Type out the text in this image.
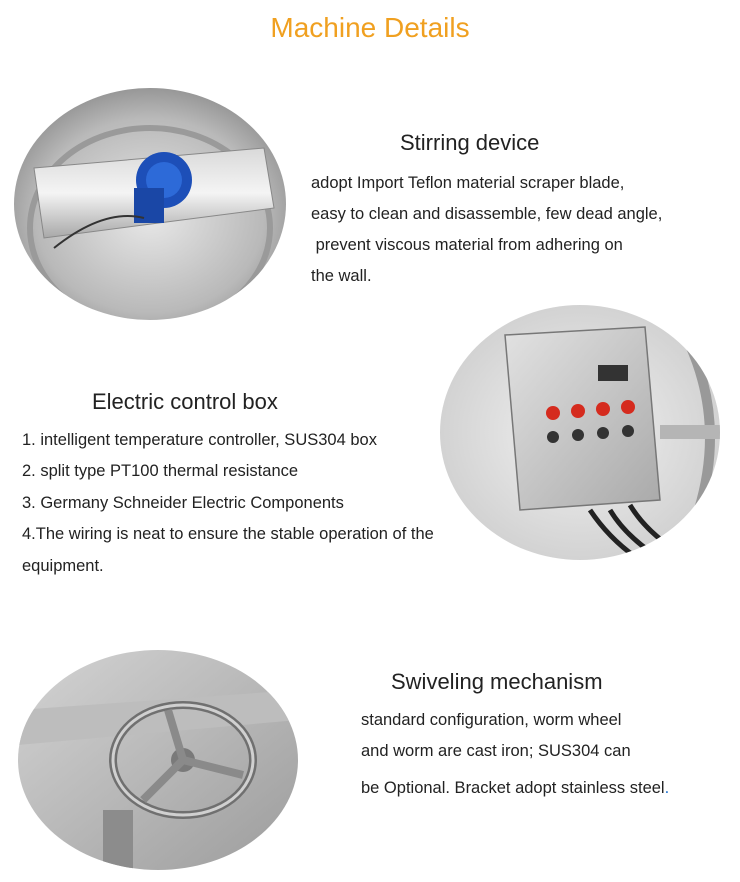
Machine Details
Stirring device
adopt Import Teflon material scraper blade,
easy to clean and disassemble, few dead angle,
prevent viscous material from adhering on
the wall.
Electric control box
1. intelligent temperature controller, SUS304 box
2. split type PT100 thermal resistance
3. Germany Schneider Electric Components
4.The wiring is neat to ensure the stable operation of the
equipment.
Swiveling mechanism
standard configuration, worm wheel
and worm are cast iron; SUS304 can
be Optional. Bracket adopt stainless steel.
